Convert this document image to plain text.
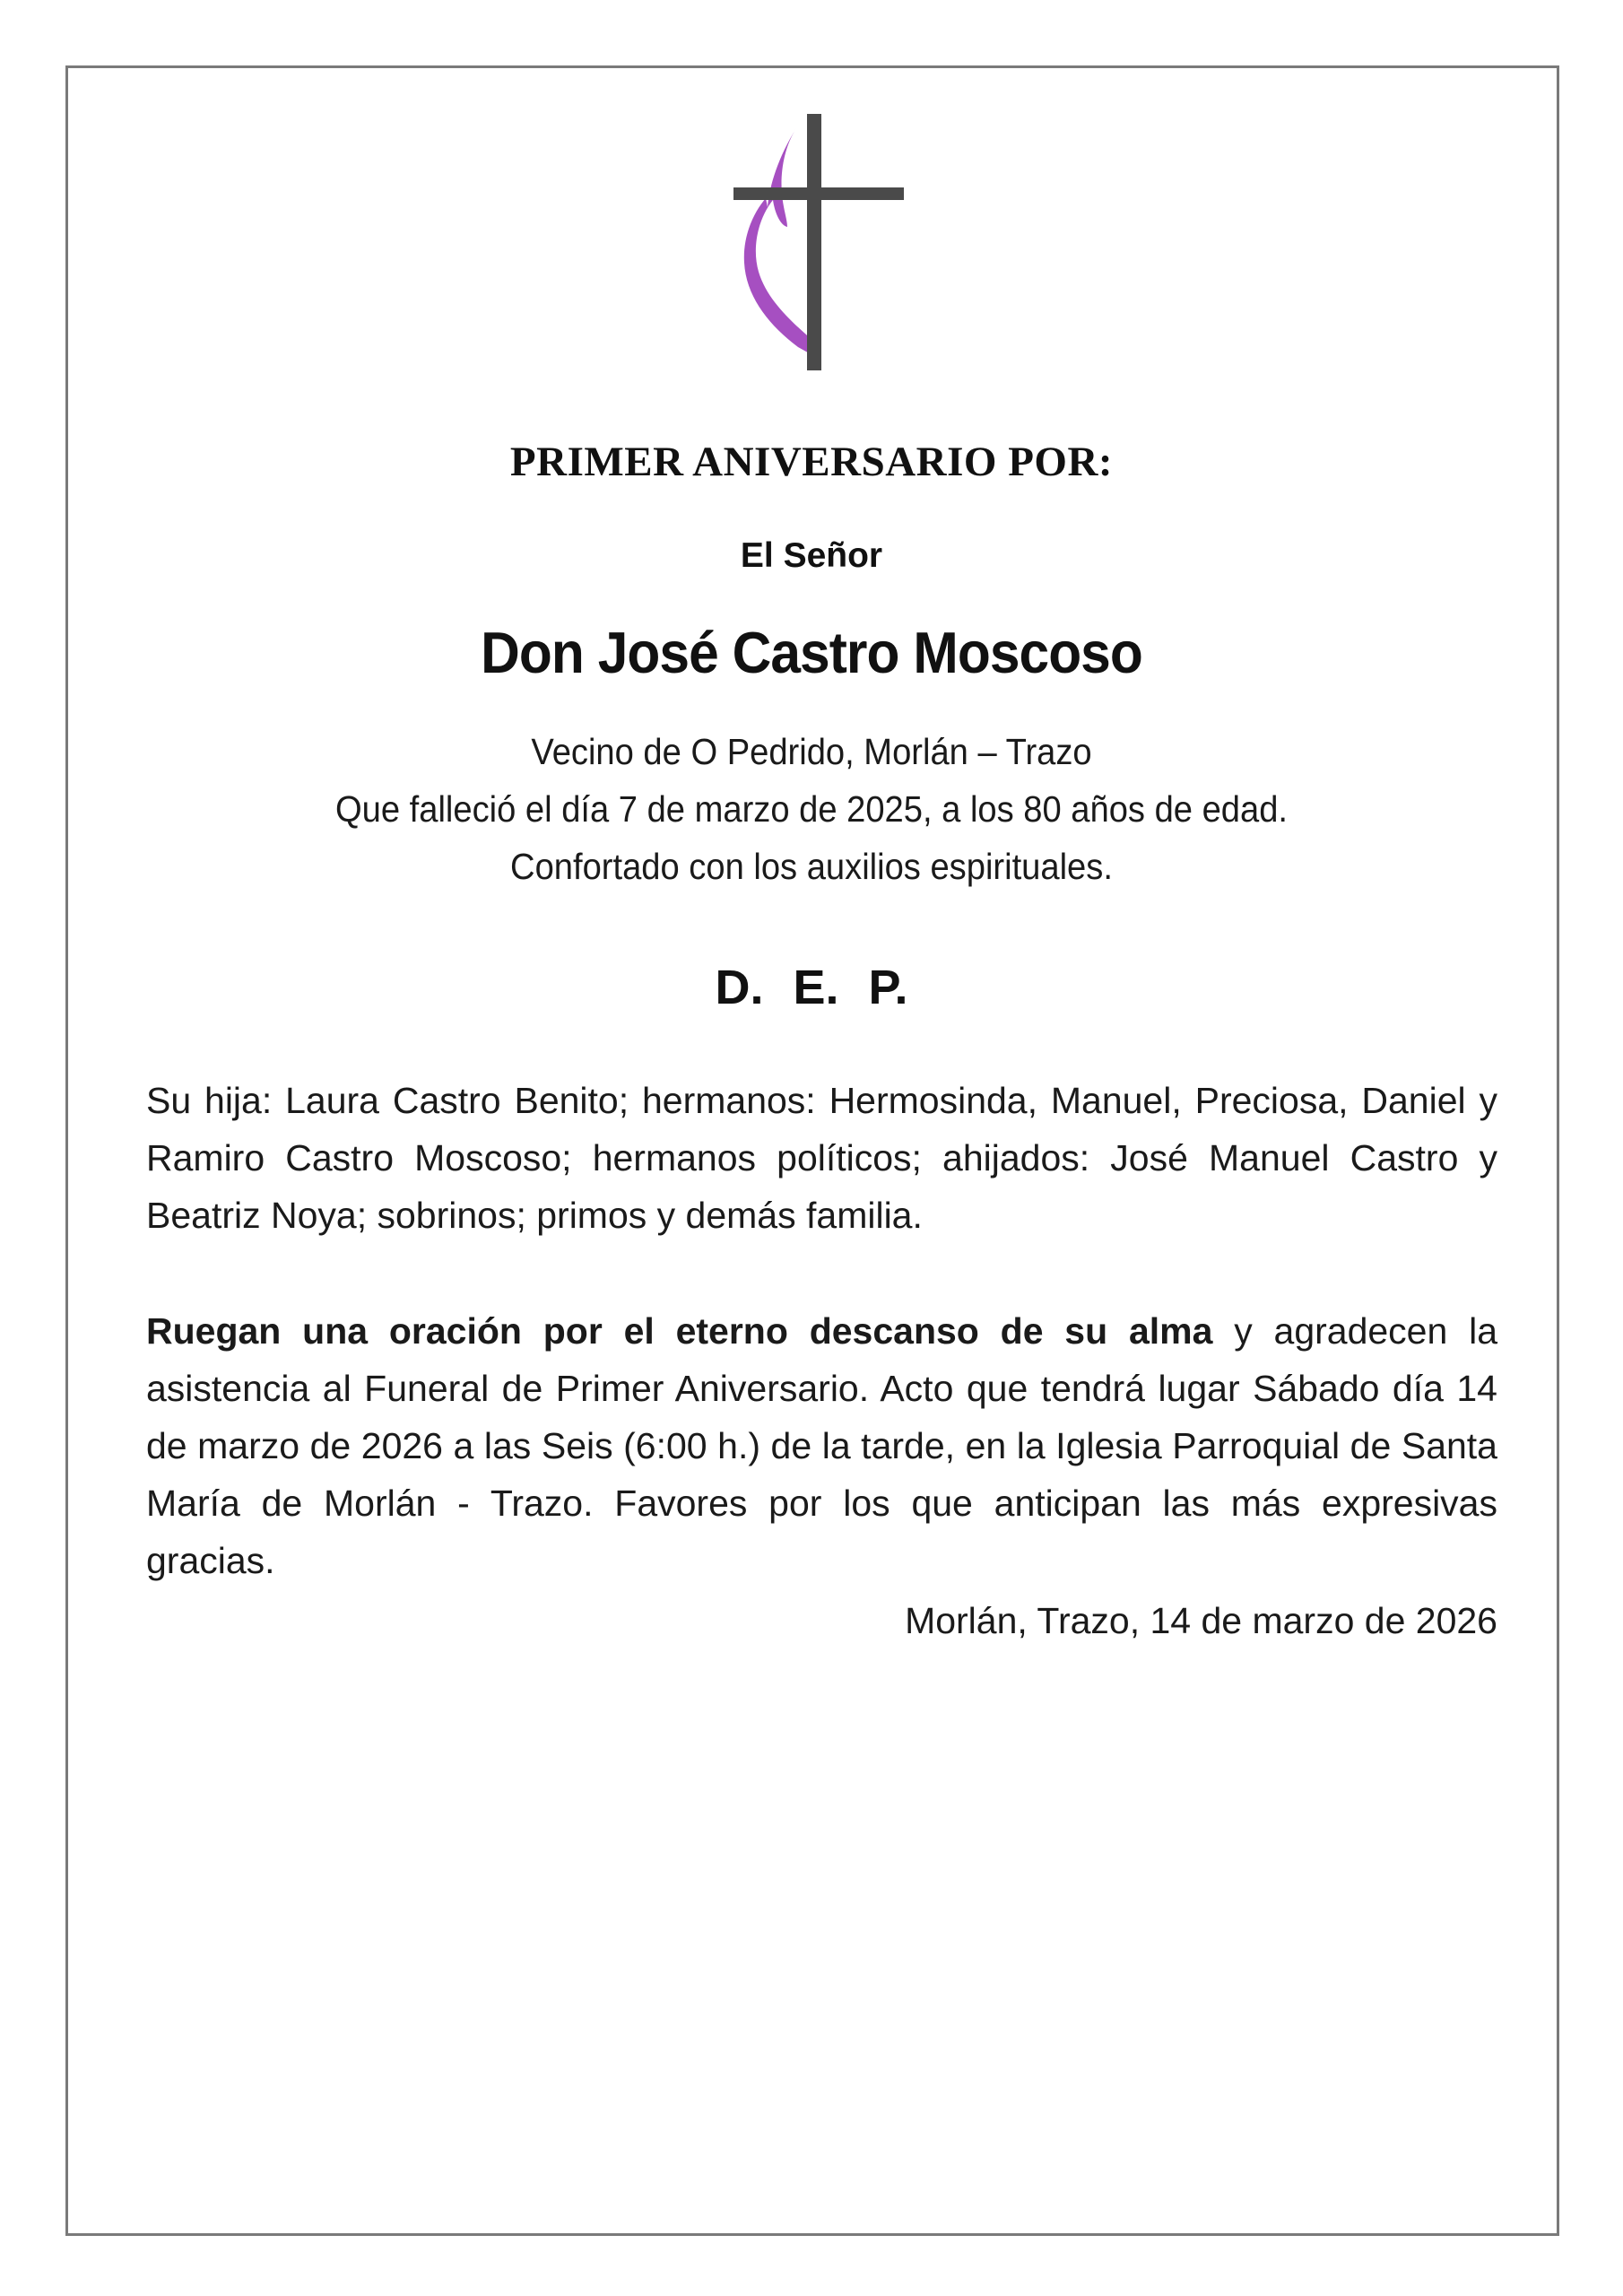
PRIMER ANIVERSARIO POR:

El Señor

Don José Castro Moscoso

Vecino de O Pedrido, Morlán – Trazo
Que falleció el día 7 de marzo de 2025, a los 80 años de edad.
Confortado con los auxilios espirituales.

D. E. P.

Su hija: Laura Castro Benito; hermanos: Hermosinda, Manuel, Preciosa, Daniel y Ramiro Castro Moscoso; hermanos políticos; ahijados: José Manuel Castro y Beatriz Noya; sobrinos; primos y demás familia.

Ruegan una oración por el eterno descanso de su alma y agradecen la asistencia al Funeral de Primer Aniversario. Acto que tendrá lugar Sábado día 14 de marzo de 2026 a las Seis (6:00 h.) de la tarde, en la Iglesia Parroquial de Santa María de Morlán - Trazo. Favores por los que anticipan las más expresivas gracias.

Morlán, Trazo, 14 de marzo de 2026
